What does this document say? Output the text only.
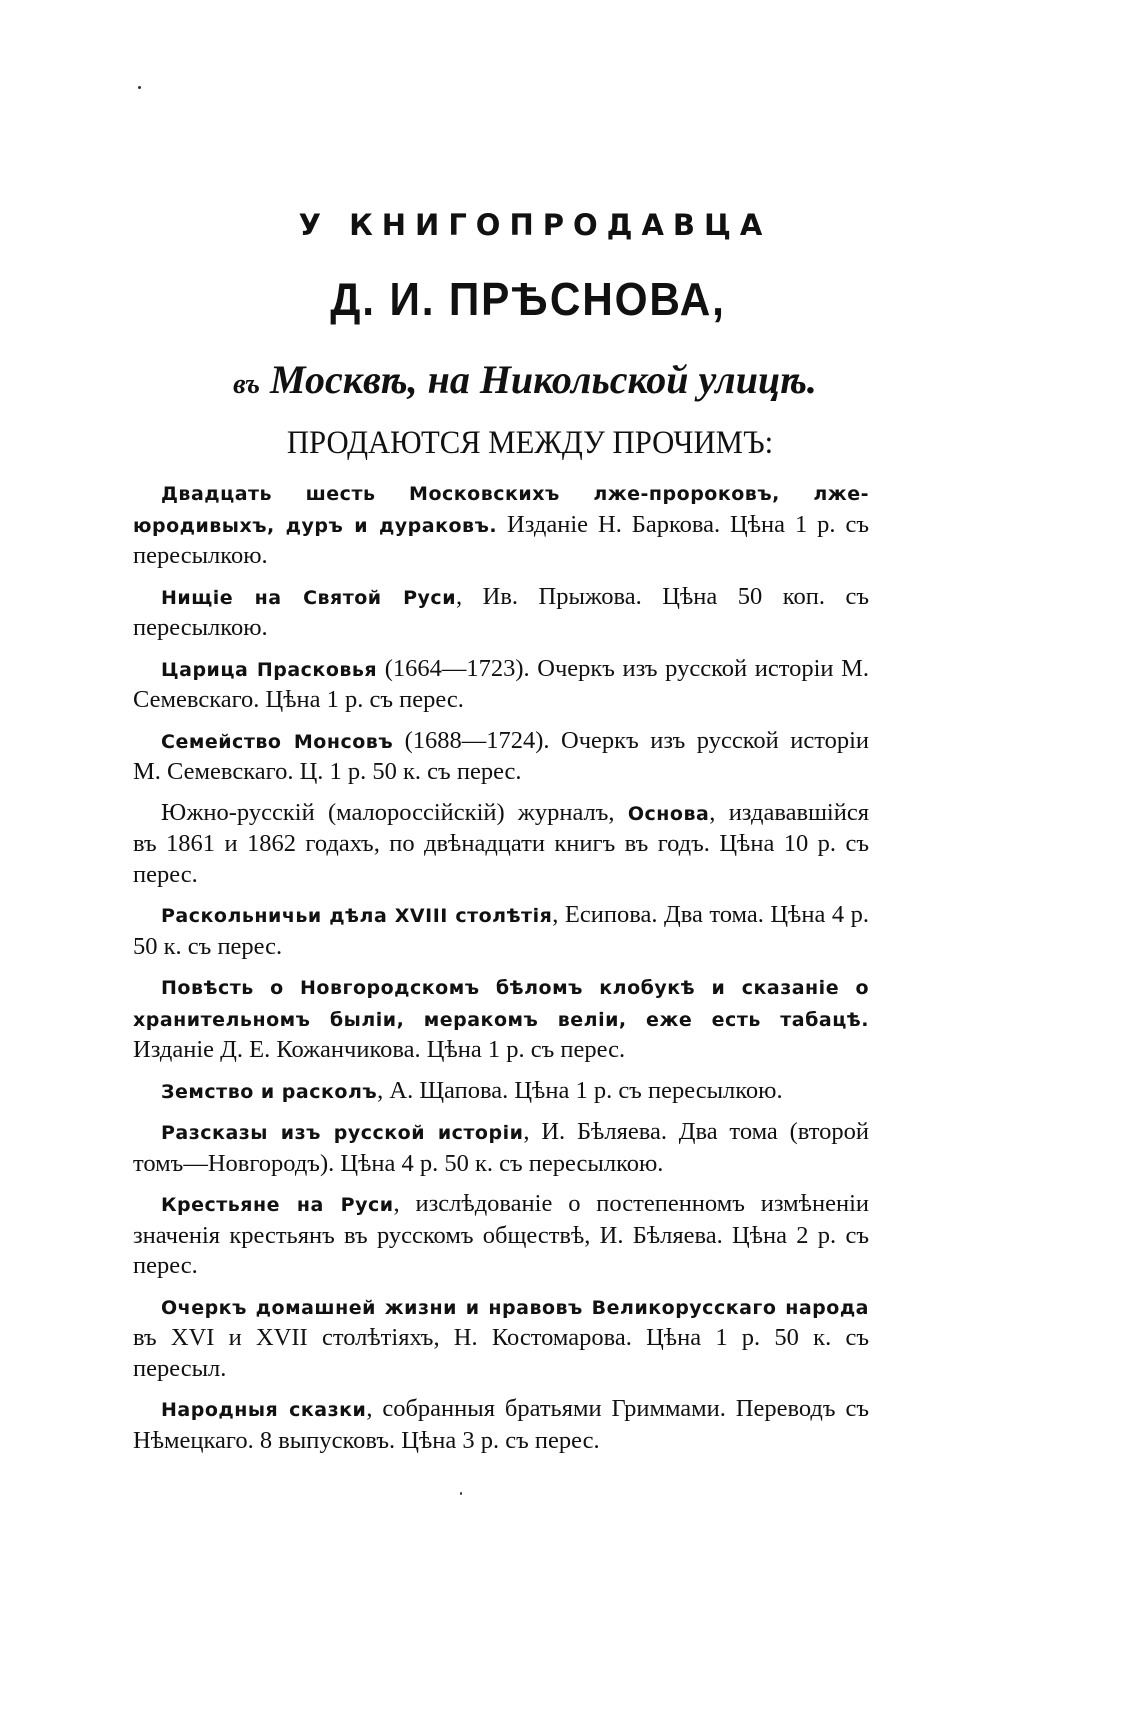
У КНИГОПРОДАВЦА
Д. И. ПРѢСНОВА,
въ Москвѣ, на Никольской улицѣ.
ПРОДАЮТСЯ МЕЖДУ ПРОЧИМЪ:

Двадцать шесть Московскихъ лже-пророковъ, лже-юродивыхъ, дуръ и дураковъ. Изданіе Н. Баркова. Цѣна 1 р. съ пересылкою.

Нищіе на Святой Руси, Ив. Прыжова. Цѣна 50 коп. съ пересылкою.

Царица Прасковья (1664—1723). Очеркъ изъ русской исторіи М. Семевскаго. Цѣна 1 р. съ перес.

Семейство Монсовъ (1688—1724). Очеркъ изъ русской исторіи М. Семевскаго. Ц. 1 р. 50 к. съ перес.

Южно-русскій (малороссійскій) журналъ, Основа, издававшійся въ 1861 и 1862 годахъ, по двѣнадцати книгъ въ годъ. Цѣна 10 р. съ перес.

Раскольничьи дѣла XVIII столѣтія, Есипова. Два тома. Цѣна 4 р. 50 к. съ перес.

Повѣсть о Новгородскомъ бѣломъ клобукѣ и сказаніе о хранительномъ быліи, меракомъ веліи, еже есть табацѣ. Изданіе Д. Е. Кожанчикова. Цѣна 1 р. съ перес.

Земство и расколъ, А. Щапова. Цѣна 1 р. съ пересылкою.

Разсказы изъ русской исторіи, И. Бѣляева. Два тома (второй томъ—Новгородъ). Цѣна 4 р. 50 к. съ пересылкою.

Крестьяне на Руси, изслѣдованіе о постепенномъ измѣненіи значенія крестьянъ въ русскомъ обществѣ, И. Бѣляева. Цѣна 2 р. съ перес.

Очеркъ домашней жизни и нравовъ Великорусскаго народа въ XVI и XVII столѣтіяхъ, Н. Костомарова. Цѣна 1 р. 50 к. съ пересыл.

Народныя сказки, собранныя братьями Гриммами. Переводъ съ Нѣмецкаго. 8 выпусковъ. Цѣна 3 р. съ перес.
